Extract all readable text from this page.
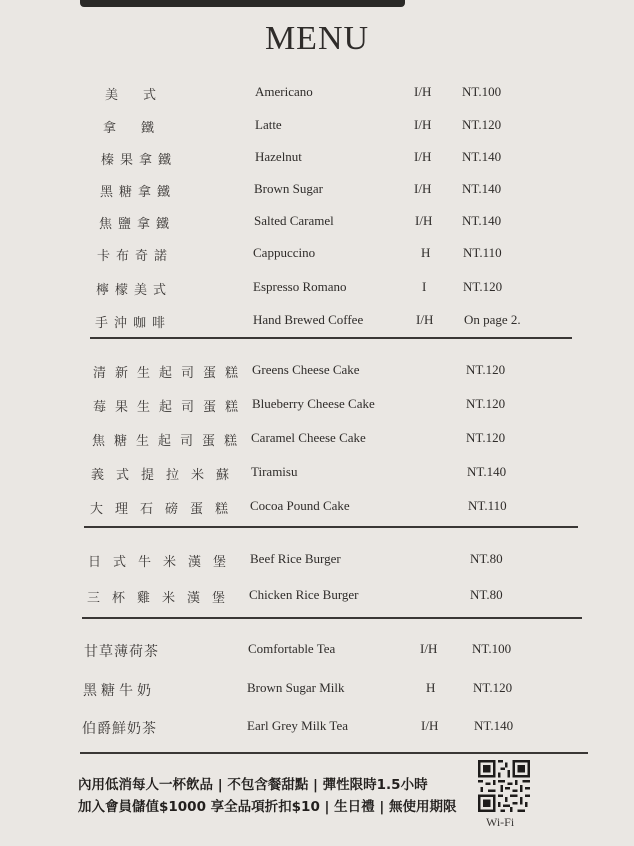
MENU
美　式	Americano	I/H NT.100
拿　鐵	Latte	I/H NT.120
榛果拿鐵	Hazelnut	I/H NT.140
黑糖拿鐵	Brown Sugar	I/H NT.140
焦鹽拿鐵	Salted Caramel	I/H NT.140
卡布奇諾	Cappuccino	H	NT.110
檸檬美式	Espresso Romano	I	NT.120
手沖咖啡	Hand Brewed Coffee	I/H On page 2.
清新生起司蛋糕 Greens Cheese Cake	NT.120
莓果生起司蛋糕 Blueberry Cheese Cake	NT.120
焦糖生起司蛋糕 Caramel Cheese Cake	NT.120
義式提拉米蘇 Tiramisu	NT.140
大理石磅蛋糕 Cocoa Pound Cake	NT.110
日式牛米漢堡 Beef Rice Burger	NT.80
三杯雞米漢堡 Chicken Rice Burger	NT.80
甘草薄荷茶	Comfortable Tea	I/H	NT.100
黑糖牛奶	Brown Sugar Milk	H	NT.120
伯爵鮮奶茶	Earl Grey Milk Tea	I/H	NT.140
內用低消每人一杯飲品 | 不包含餐甜點 | 彈性限時1.5小時
加入會員儲值$1000 享全品項折扣$10 | 生日禮 | 無使用期限
Wi-Fi
